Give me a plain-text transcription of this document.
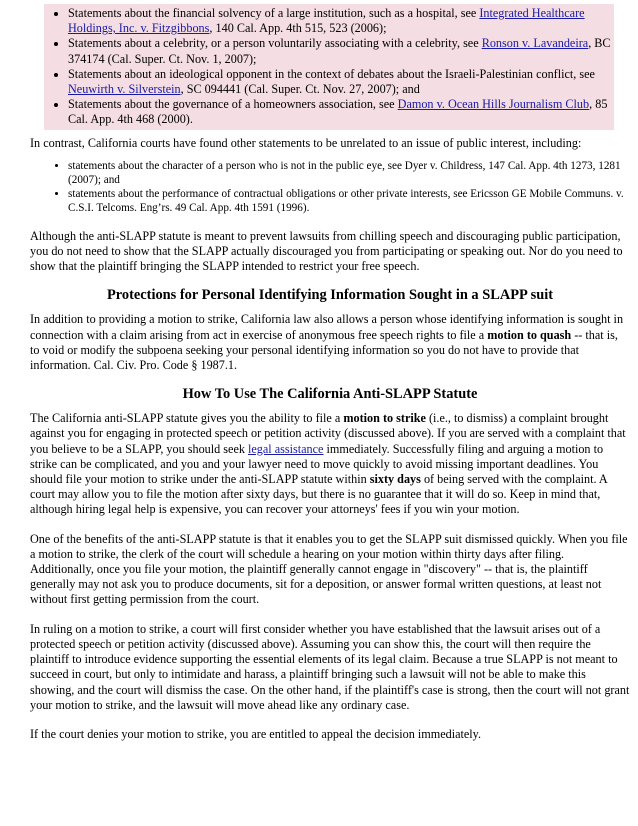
• Statements about the financial solvency of a large institution, such as a hospital, see Integrated Healthcare Holdings, Inc. v. Fitzgibbons, 140 Cal. App. 4th 515, 523 (2006);
• Statements about a celebrity, or a person voluntarily associating with a celebrity, see Ronson v. Lavandeira, BC 374174 (Cal. Super. Ct. Nov. 1, 2007);
• Statements about an ideological opponent in the context of debates about the Israeli-Palestinian conflict, see Neuwirth v. Silverstein, SC 094441 (Cal. Super. Ct. Nov. 27, 2007); and
• Statements about the governance of a homeowners association, see Damon v. Ocean Hills Journalism Club, 85 Cal. App. 4th 468 (2000).

In contrast, California courts have found other statements to be unrelated to an issue of public interest, including:

• statements about the character of a person who is not in the public eye, see Dyer v. Childress, 147 Cal. App. 4th 1273, 1281 (2007); and
• statements about the performance of contractual obligations or other private interests, see Ericsson GE Mobile Communs. v. C.S.I. Telcoms. Eng’rs. 49 Cal. App. 4th 1591 (1996).

Although the anti-SLAPP statute is meant to prevent lawsuits from chilling speech and discouraging public participation, you do not need to show that the SLAPP actually discouraged you from participating or speaking out. Nor do you need to show that the plaintiff bringing the SLAPP intended to restrict your free speech.

Protections for Personal Identifying Information Sought in a SLAPP suit

In addition to providing a motion to strike, California law also allows a person whose identifying information is sought in connection with a claim arising from act in exercise of anonymous free speech rights to file a motion to quash -- that is, to void or modify the subpoena seeking your personal identifying information so you do not have to provide that information. Cal. Civ. Pro. Code § 1987.1.

How To Use The California Anti-SLAPP Statute

The California anti-SLAPP statute gives you the ability to file a motion to strike (i.e., to dismiss) a complaint brought against you for engaging in protected speech or petition activity (discussed above). If you are served with a complaint that you believe to be a SLAPP, you should seek legal assistance immediately. Successfully filing and arguing a motion to strike can be complicated, and you and your lawyer need to move quickly to avoid missing important deadlines. You should file your motion to strike under the anti-SLAPP statute within sixty days of being served with the complaint. A court may allow you to file the motion after sixty days, but there is no guarantee that it will do so. Keep in mind that, although hiring legal help is expensive, you can recover your attorneys' fees if you win your motion.

One of the benefits of the anti-SLAPP statute is that it enables you to get the SLAPP suit dismissed quickly. When you file a motion to strike, the clerk of the court will schedule a hearing on your motion within thirty days after filing. Additionally, once you file your motion, the plaintiff generally cannot engage in "discovery" -- that is, the plaintiff generally may not ask you to produce documents, sit for a deposition, or answer formal written questions, at least not without first getting permission from the court.

In ruling on a motion to strike, a court will first consider whether you have established that the lawsuit arises out of a protected speech or petition activity (discussed above). Assuming you can show this, the court will then require the plaintiff to introduce evidence supporting the essential elements of its legal claim. Because a true SLAPP is not meant to succeed in court, but only to intimidate and harass, a plaintiff bringing such a lawsuit will not be able to make this showing, and the court will dismiss the case. On the other hand, if the plaintiff's case is strong, then the court will not grant your motion to strike, and the lawsuit will move ahead like any ordinary case.

If the court denies your motion to strike, you are entitled to appeal the decision immediately.
